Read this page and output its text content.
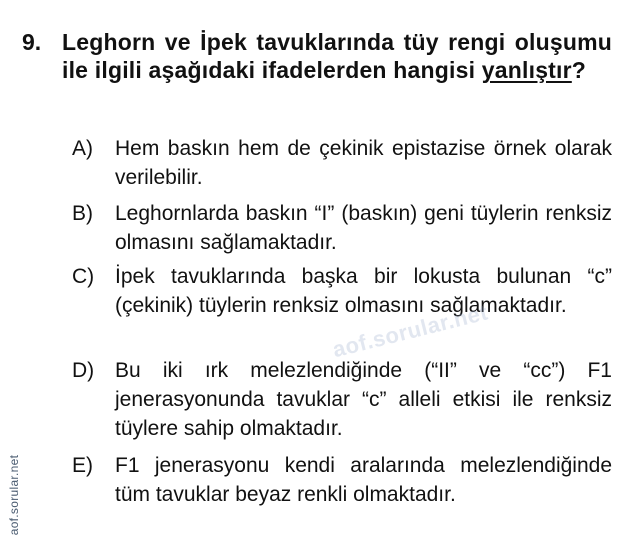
9. Leghorn ve İpek tavuklarında tüy rengi oluşumu ile ilgili aşağıdaki ifadelerden hangisi yanlıştır?
A) Hem baskın hem de çekinik epistazise örnek olarak verilebilir.
B) Leghornlarda baskın “I” (baskın) geni tüylerin renksiz olmasını sağlamaktadır.
C) İpek tavuklarında başka bir lokusta bulunan “c” (çekinik) tüylerin renksiz olmasını sağlamaktadır.
D) Bu iki ırk melezlendiğinde (“II” ve “cc”) F1 jenerasyonunda tavuklar “c” alleli etkisi ile renksiz tüylere sahip olmaktadır.
E) F1 jenerasyonu kendi aralarında melezlendiğinde tüm tavuklar beyaz renkli olmaktadır.
aof.sorular.net
aof.sorular.net
